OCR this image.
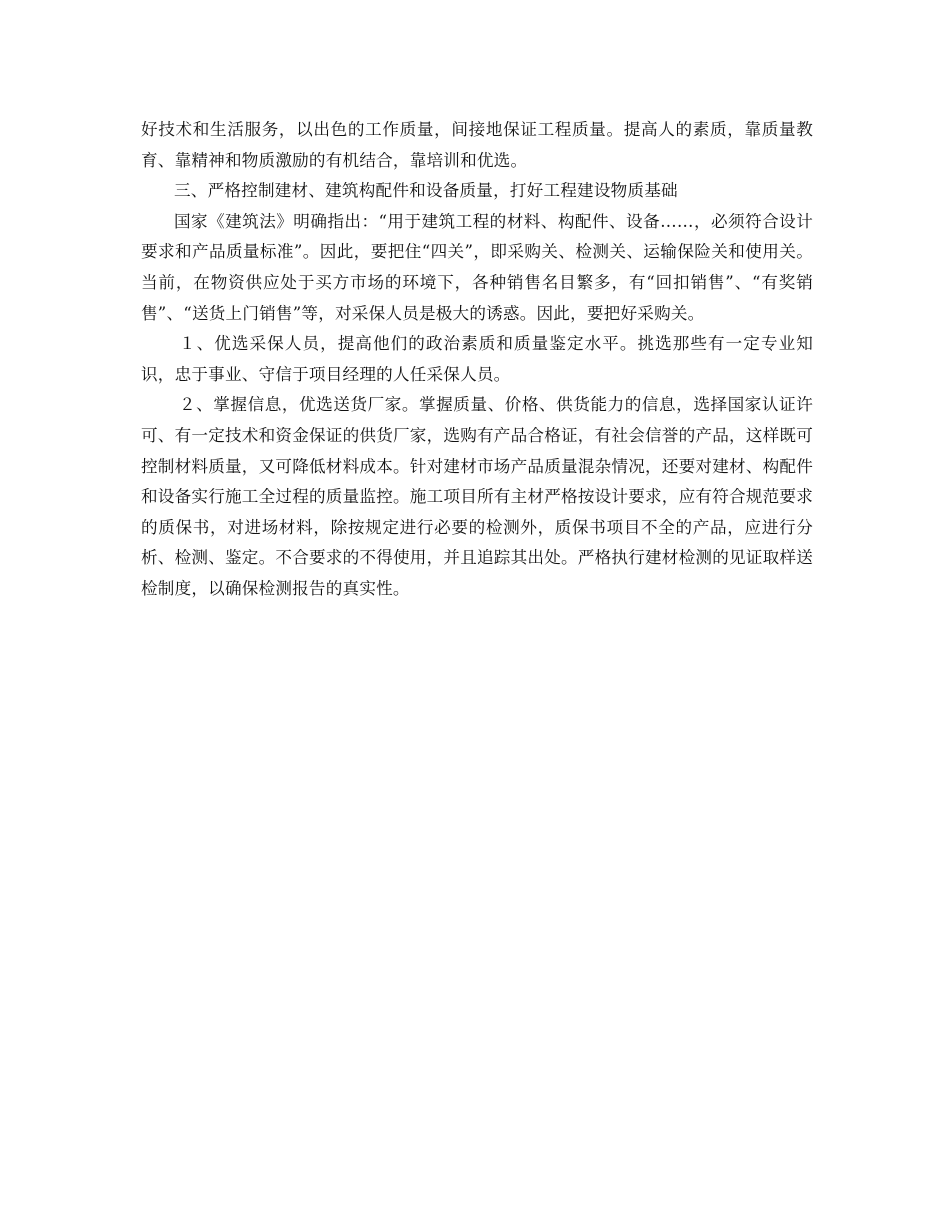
好技术和生活服务，以出色的工作质量，间接地保证工程质量。提高人的素质，靠质量教育、靠精神和物质激励的有机结合，靠培训和优选。

三、严格控制建材、建筑构配件和设备质量，打好工程建设物质基础

国家《建筑法》明确指出：“用于建筑工程的材料、构配件、设备……，必须符合设计要求和产品质量标准”。因此，要把住“四关”，即采购关、检测关、运输保险关和使用关。当前，在物资供应处于买方市场的环境下，各种销售名目繁多，有“回扣销售”、“有奖销售”、“送货上门销售”等，对采保人员是极大的诱惑。因此，要把好采购关。

１、优选采保人员，提高他们的政治素质和质量鉴定水平。挑选那些有一定专业知识，忠于事业、守信于项目经理的人任采保人员。

２、掌握信息，优选送货厂家。掌握质量、价格、供货能力的信息，选择国家认证许可、有一定技术和资金保证的供货厂家，选购有产品合格证，有社会信誉的产品，这样既可控制材料质量，又可降低材料成本。针对建材市场产品质量混杂情况，还要对建材、构配件和设备实行施工全过程的质量监控。施工项目所有主材严格按设计要求，应有符合规范要求的质保书，对进场材料，除按规定进行必要的检测外，质保书项目不全的产品，应进行分析、检测、鉴定。不合要求的不得使用，并且追踪其出处。严格执行建材检测的见证取样送检制度，以确保检测报告的真实性。
